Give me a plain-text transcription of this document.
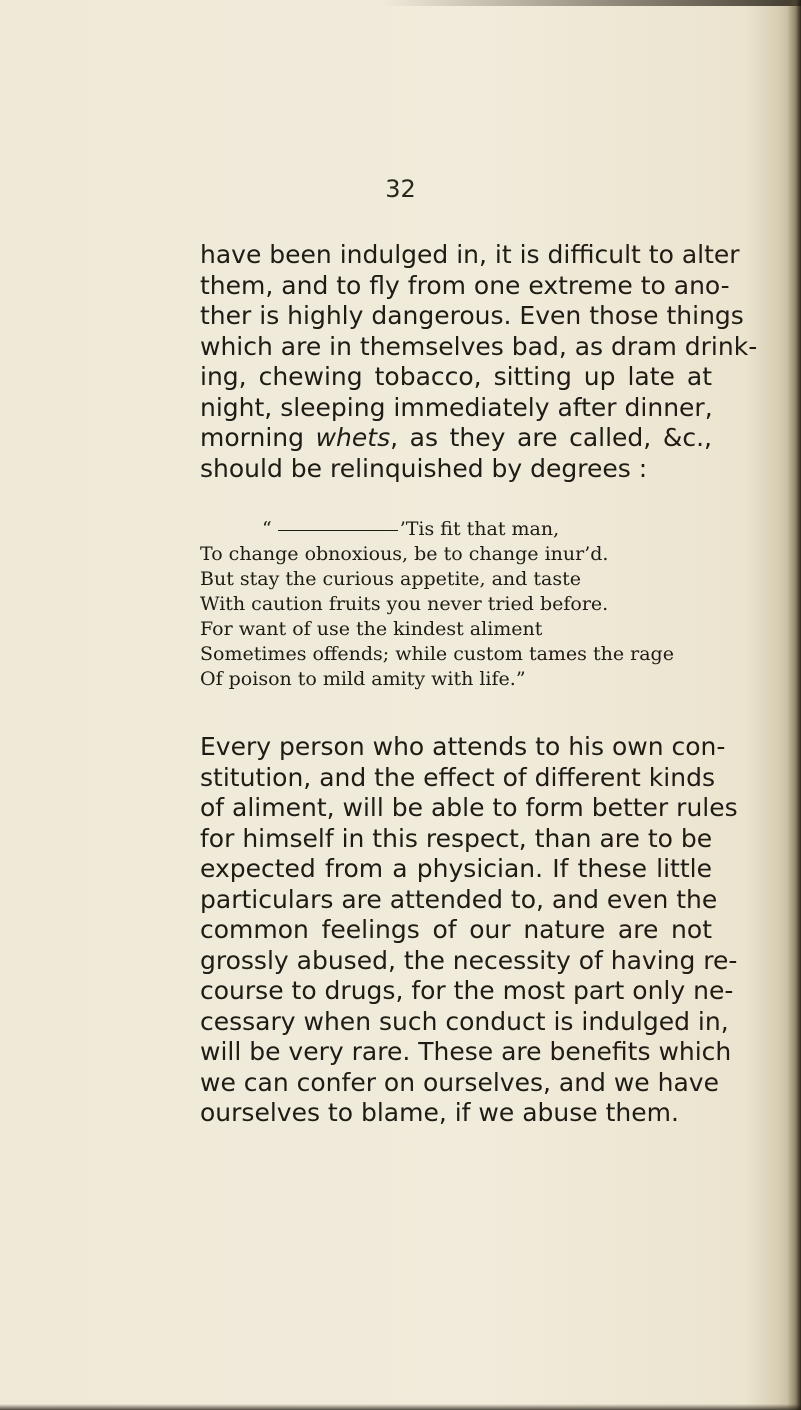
32

have been indulged in, it is difficult to alter
them, and to fly from one extreme to ano-
ther is highly dangerous. Even those things
which are in themselves bad, as dram drink-
ing, chewing tobacco, sitting up late at
night, sleeping immediately after dinner,
morning whets, as they are called, &c.,
should be relinquished by degrees :

“	’Tis fit that man,
To change obnoxious, be to change inur’d.
But stay the curious appetite, and taste
With caution fruits you never tried before.
For want of use the kindest aliment
Sometimes offends; while custom tames the rage
Of poison to mild amity with life.”

Every person who attends to his own con-
stitution, and the effect of different kinds
of aliment, will be able to form better rules
for himself in this respect, than are to be
expected from a physician. If these little
particulars are attended to, and even the
common feelings of our nature are not
grossly abused, the necessity of having re-
course to drugs, for the most part only ne-
cessary when such conduct is indulged in,
will be very rare. These are benefits which
we can confer on ourselves, and we have
ourselves to blame, if we abuse them.
